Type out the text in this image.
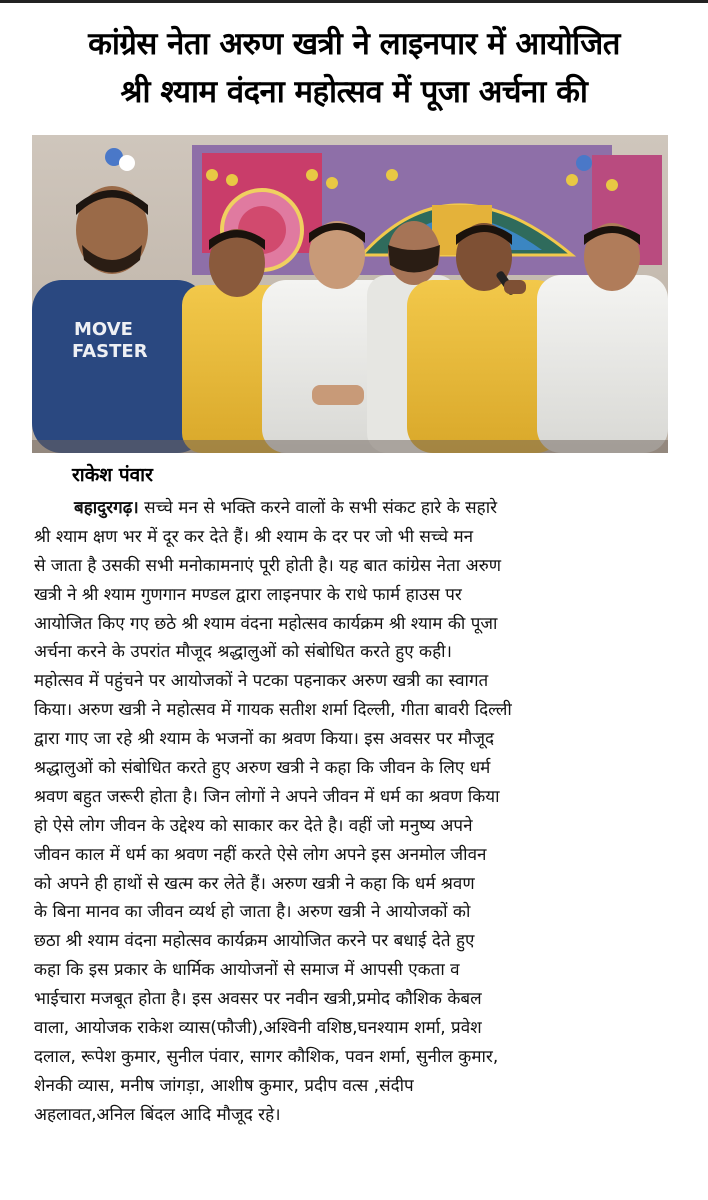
कांग्रेस नेता अरुण खत्री ने लाइनपार में आयोजित
श्री श्याम वंदना महोत्सव में पूजा अर्चना की
MOVE
FASTER
राकेश पंवार
बहादुरगढ़। सच्चे मन से भक्ति करने वालों के सभी संकट हारे के सहारे
श्री श्याम क्षण भर में दूर कर देते हैं। श्री श्याम के दर पर जो भी सच्चे मन
से जाता है उसकी सभी मनोकामनाएं पूरी होती है। यह बात कांग्रेस नेता अरुण
खत्री ने श्री श्याम गुणगान मण्डल द्वारा लाइनपार के राधे फार्म हाउस पर
आयोजित किए गए छठे श्री श्याम वंदना महोत्सव कार्यक्रम श्री श्याम की पूजा
अर्चना करने के उपरांत मौजूद श्रद्धालुओं को संबोधित करते हुए कही।
महोत्सव में पहुंचने पर आयोजकों ने पटका पहनाकर अरुण खत्री का स्वागत
किया। अरुण खत्री ने महोत्सव में गायक सतीश शर्मा दिल्ली, गीता बावरी दिल्ली
द्वारा गाए जा रहे श्री श्याम के भजनों का श्रवण किया। इस अवसर पर मौजूद
श्रद्धालुओं को संबोधित करते हुए अरुण खत्री ने कहा कि जीवन के लिए धर्म
श्रवण बहुत जरूरी होता है। जिन लोगों ने अपने जीवन में धर्म का श्रवण किया
हो ऐसे लोग जीवन के उद्देश्य को साकार कर देते है। वहीं जो मनुष्य अपने
जीवन काल में धर्म का श्रवण नहीं करते ऐसे लोग अपने इस अनमोल जीवन
को अपने ही हाथों से खत्म कर लेते हैं। अरुण खत्री ने कहा कि धर्म श्रवण
के बिना मानव का जीवन व्यर्थ हो जाता है। अरुण खत्री ने आयोजकों को
छठा श्री श्याम वंदना महोत्सव कार्यक्रम आयोजित करने पर बधाई देते हुए
कहा कि इस प्रकार के धार्मिक आयोजनों से समाज में आपसी एकता व
भाईचारा मजबूत होता है। इस अवसर पर नवीन खत्री,प्रमोद कौशिक केबल
वाला, आयोजक राकेश व्यास(फौजी),अश्विनी वशिष्ठ,घनश्याम शर्मा, प्रवेश
दलाल, रूपेश कुमार, सुनील पंवार, सागर कौशिक, पवन शर्मा, सुनील कुमार,
शेनकी व्यास, मनीष जांगड़ा, आशीष कुमार, प्रदीप वत्स ,संदीप
अहलावत,अनिल बिंदल आदि मौजूद रहे।
